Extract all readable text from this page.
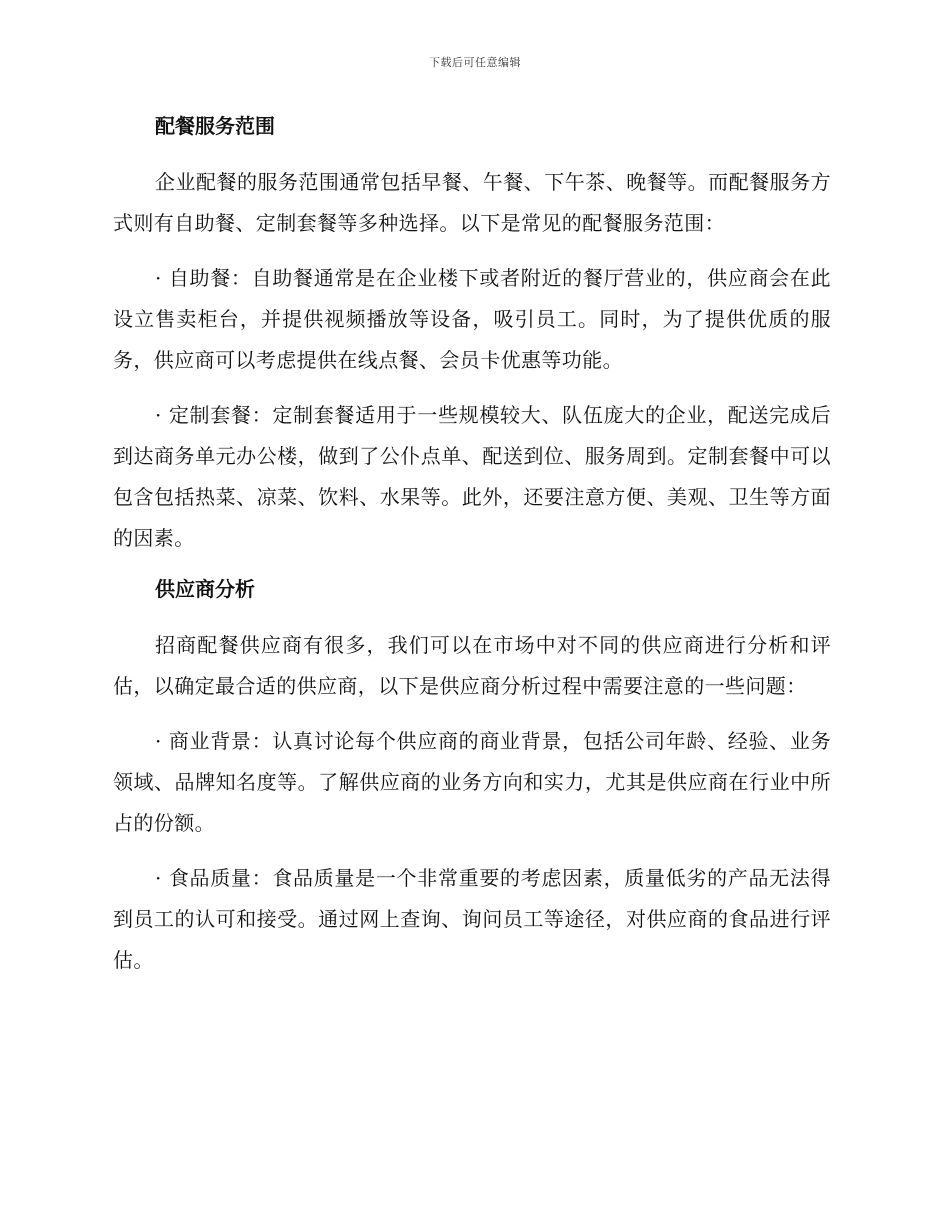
下载后可任意编辑
配餐服务范围

企业配餐的服务范围通常包括早餐、午餐、下午茶、晚餐等。而配餐服务方式则有自助餐、定制套餐等多种选择。以下是常见的配餐服务范围：

· 自助餐：自助餐通常是在企业楼下或者附近的餐厅营业的，供应商会在此设立售卖柜台，并提供视频播放等设备，吸引员工。同时，为了提供优质的服务，供应商可以考虑提供在线点餐、会员卡优惠等功能。

· 定制套餐：定制套餐适用于一些规模较大、队伍庞大的企业，配送完成后到达商务单元办公楼，做到了公仆点单、配送到位、服务周到。定制套餐中可以包含包括热菜、凉菜、饮料、水果等。此外，还要注意方便、美观、卫生等方面的因素。

供应商分析

招商配餐供应商有很多，我们可以在市场中对不同的供应商进行分析和评估，以确定最合适的供应商，以下是供应商分析过程中需要注意的一些问题：

· 商业背景：认真讨论每个供应商的商业背景，包括公司年龄、经验、业务领域、品牌知名度等。了解供应商的业务方向和实力，尤其是供应商在行业中所占的份额。

· 食品质量：食品质量是一个非常重要的考虑因素，质量低劣的产品无法得到员工的认可和接受。通过网上查询、询问员工等途径，对供应商的食品进行评估。
